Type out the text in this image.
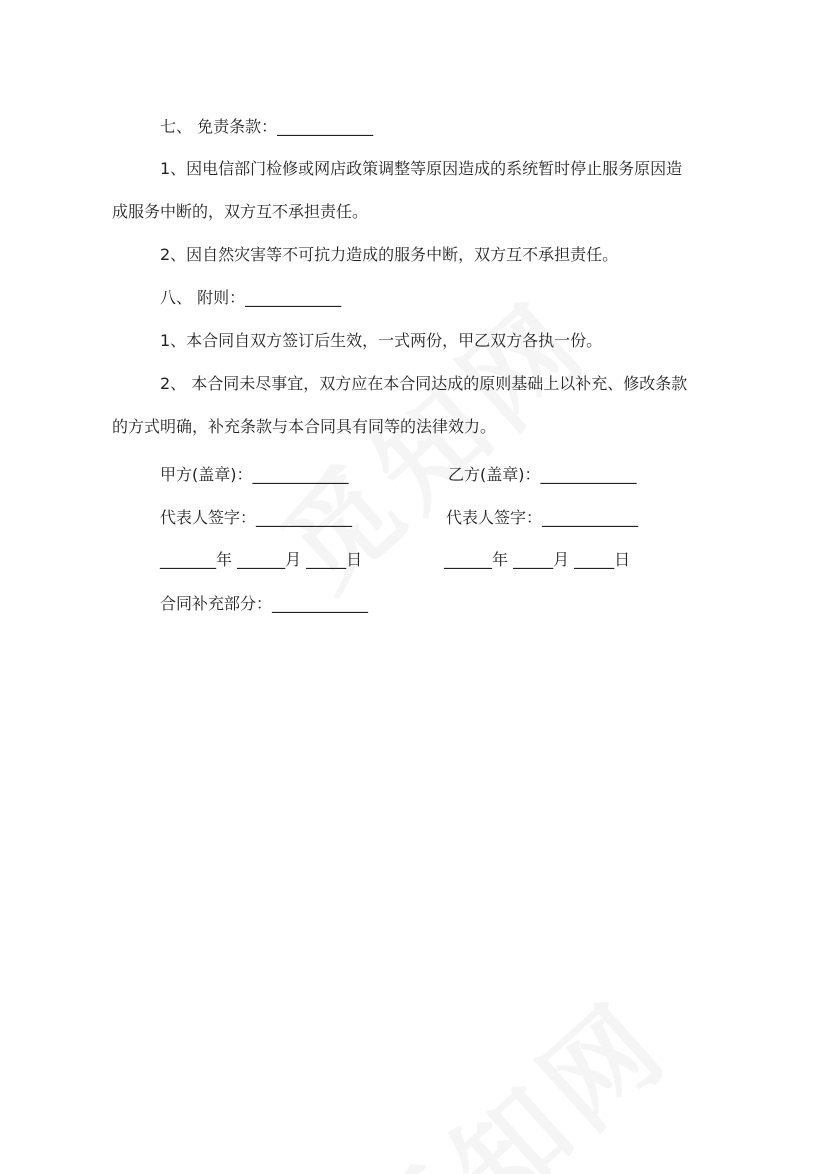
七、 免责条款：____________
1、因电信部门检修或网店政策调整等原因造成的系统暂时停止服务原因造
成服务中断的，双方互不承担责任。
2、因自然灾害等不可抗力造成的服务中断，双方互不承担责任。
八、 附则：____________
1、本合同自双方签订后生效，一式两份，甲乙双方各执一份。
2、 本合同未尽事宜，双方应在本合同达成的原则基础上以补充、修改条款
的方式明确，补充条款与本合同具有同等的法律效力。
甲方(盖章)：____________	乙方(盖章)：____________
代表人签字：____________	代表人签字：____________
_______年 ______月 _____日	______年 _____月 _____日
合同补充部分：____________
